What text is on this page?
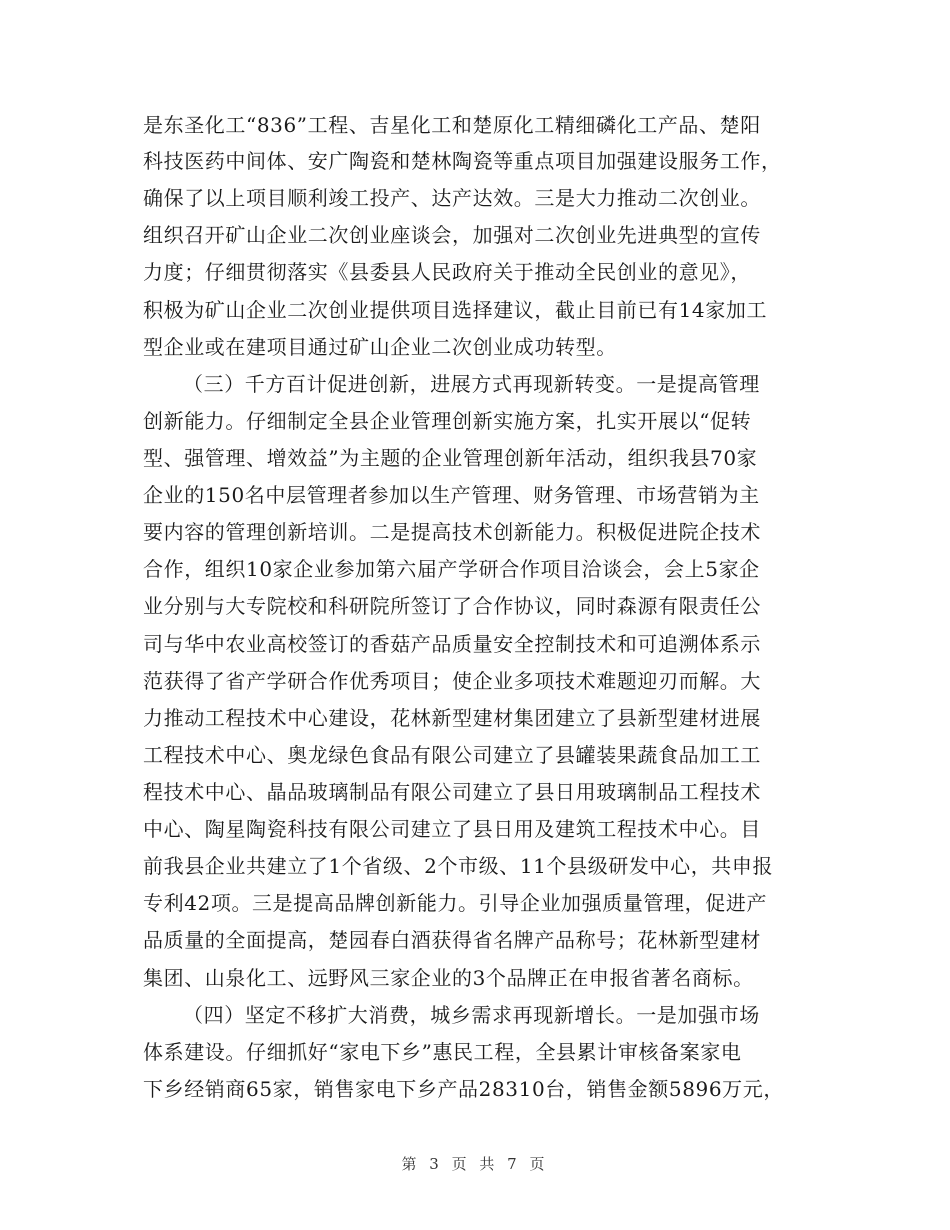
是东圣化工“836”工程、吉星化工和楚原化工精细磷化工产品、楚阳
科技医药中间体、安广陶瓷和楚林陶瓷等重点项目加强建设服务工作，
确保了以上项目顺利竣工投产、达产达效。三是大力推动二次创业。
组织召开矿山企业二次创业座谈会，加强对二次创业先进典型的宣传
力度；仔细贯彻落实《县委县人民政府关于推动全民创业的意见》，
积极为矿山企业二次创业提供项目选择建议，截止目前已有14家加工
型企业或在建项目通过矿山企业二次创业成功转型。
（三）千方百计促进创新，进展方式再现新转变。一是提高管理
创新能力。仔细制定全县企业管理创新实施方案，扎实开展以“促转
型、强管理、增效益”为主题的企业管理创新年活动，组织我县70家
企业的150名中层管理者参加以生产管理、财务管理、市场营销为主
要内容的管理创新培训。二是提高技术创新能力。积极促进院企技术
合作，组织10家企业参加第六届产学研合作项目洽谈会，会上5家企
业分别与大专院校和科研院所签订了合作协议，同时森源有限责任公
司与华中农业高校签订的香菇产品质量安全控制技术和可追溯体系示
范获得了省产学研合作优秀项目；使企业多项技术难题迎刃而解。大
力推动工程技术中心建设，花林新型建材集团建立了县新型建材进展
工程技术中心、奥龙绿色食品有限公司建立了县罐装果蔬食品加工工
程技术中心、晶品玻璃制品有限公司建立了县日用玻璃制品工程技术
中心、陶星陶瓷科技有限公司建立了县日用及建筑工程技术中心。目
前我县企业共建立了1个省级、2个市级、11个县级研发中心，共申报
专利42项。三是提高品牌创新能力。引导企业加强质量管理，促进产
品质量的全面提高，楚园春白酒获得省名牌产品称号；花林新型建材
集团、山泉化工、远野风三家企业的3个品牌正在申报省著名商标。
（四）坚定不移扩大消费，城乡需求再现新增长。一是加强市场
体系建设。仔细抓好“家电下乡”惠民工程，全县累计审核备案家电
下乡经销商65家，销售家电下乡产品28310台，销售金额5896万元，
第 3 页 共 7 页
